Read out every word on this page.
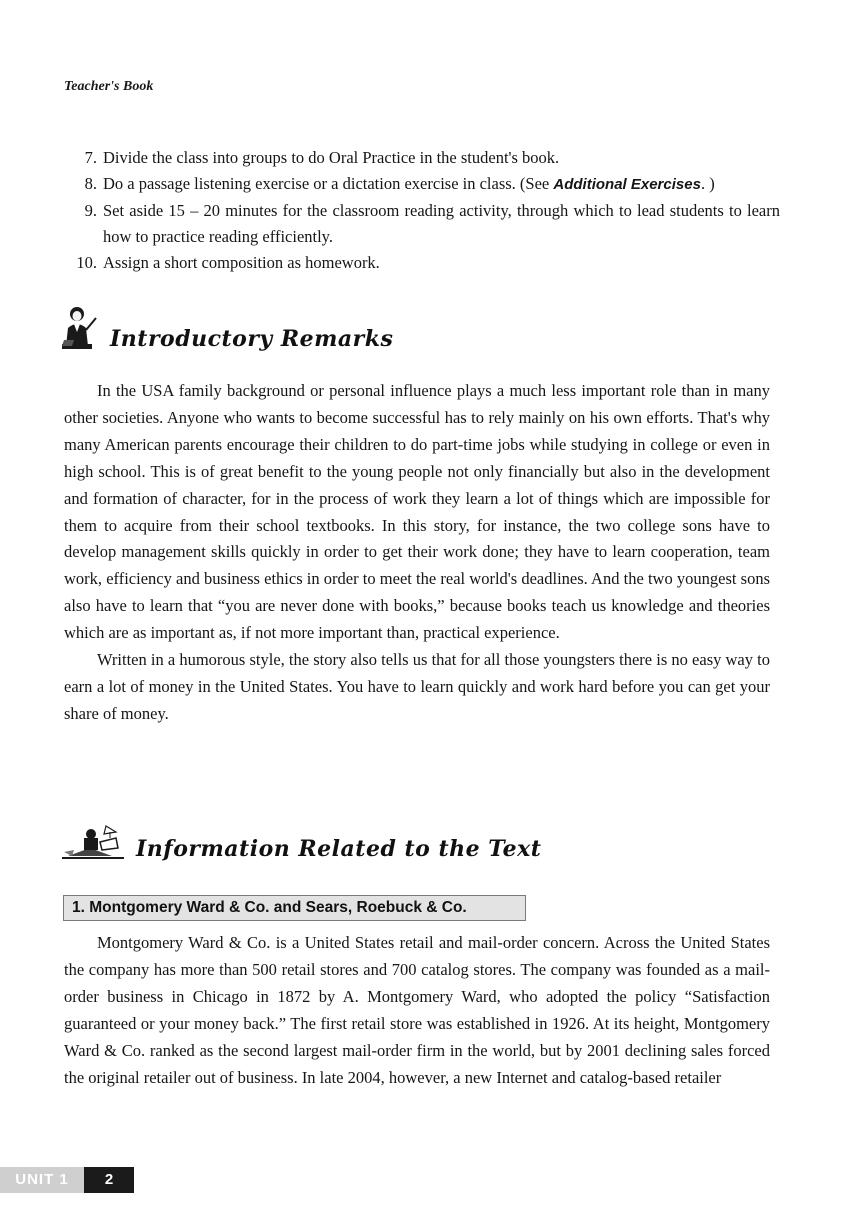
Teacher's Book
7. Divide the class into groups to do Oral Practice in the student's book.
8. Do a passage listening exercise or a dictation exercise in class. (See Additional Exercises. )
9. Set aside 15 – 20 minutes for the classroom reading activity, through which to lead students to learn how to practice reading efficiently.
10. Assign a short composition as homework.
Introductory Remarks

In the USA family background or personal influence plays a much less important role than in many other societies. Anyone who wants to become successful has to rely mainly on his own efforts. That's why many American parents encourage their children to do part-time jobs while studying in college or even in high school. This is of great benefit to the young people not only financially but also in the development and formation of character, for in the process of work they learn a lot of things which are impossible for them to acquire from their school textbooks. In this story, for instance, the two college sons have to develop management skills quickly in order to get their work done; they have to learn cooperation, team work, efficiency and business ethics in order to meet the real world's deadlines. And the two youngest sons also have to learn that “you are never done with books,” because books teach us knowledge and theories which are as important as, if not more important than, practical experience.

Written in a humorous style, the story also tells us that for all those youngsters there is no easy way to earn a lot of money in the United States. You have to learn quickly and work hard before you can get your share of money.

Information Related to the Text
1. Montgomery Ward & Co. and Sears, Roebuck & Co.

Montgomery Ward & Co. is a United States retail and mail-order concern. Across the United States the company has more than 500 retail stores and 700 catalog stores. The company was founded as a mail-order business in Chicago in 1872 by A. Montgomery Ward, who adopted the policy “Satisfaction guaranteed or your money back.” The first retail store was established in 1926. At its height, Montgomery Ward & Co. ranked as the second largest mail-order firm in the world, but by 2001 declining sales forced the original retailer out of business. In late 2004, however, a new Internet and catalog-based retailer

UNIT 1	2
